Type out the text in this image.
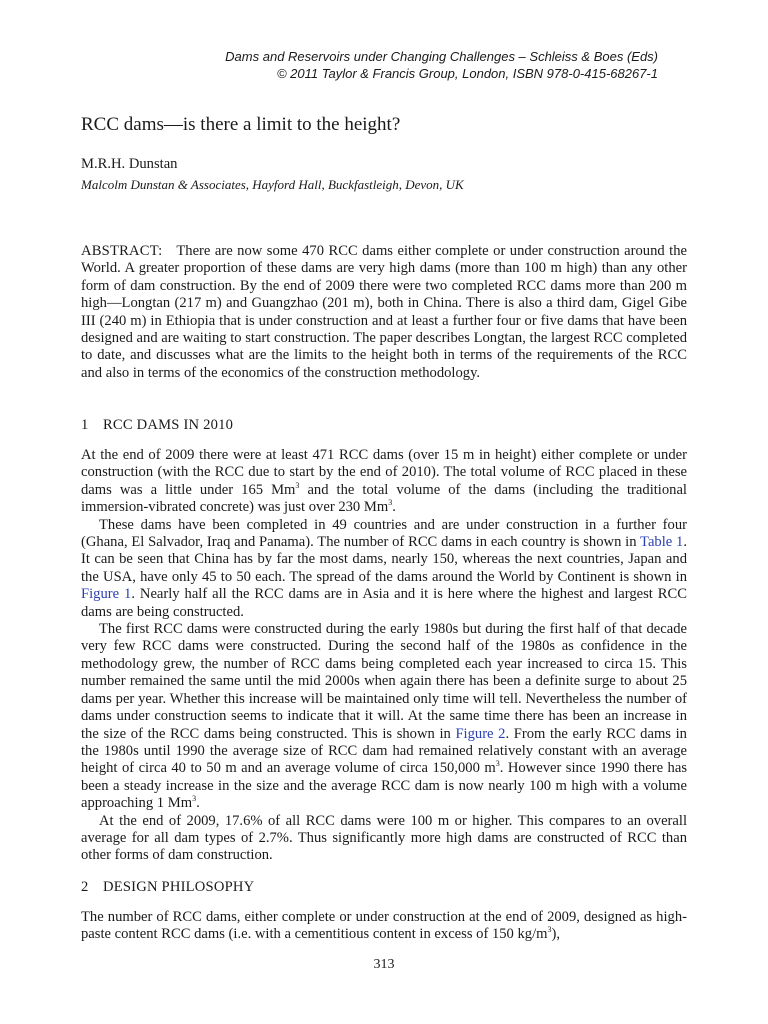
Dams and Reservoirs under Changing Challenges – Schleiss & Boes (Eds)
© 2011 Taylor & Francis Group, London, ISBN 978-0-415-68267-1
RCC dams—is there a limit to the height?
M.R.H. Dunstan
Malcolm Dunstan & Associates, Hayford Hall, Buckfastleigh, Devon, UK

ABSTRACT: There are now some 470 RCC dams either complete or under construction around the World. A greater proportion of these dams are very high dams (more than 100 m high) than any other form of dam construction. By the end of 2009 there were two completed RCC dams more than 200 m high—Longtan (217 m) and Guangzhao (201 m), both in China. There is also a third dam, Gigel Gibe III (240 m) in Ethiopia that is under construction and at least a further four or five dams that have been designed and are waiting to start construction. The paper describes Longtan, the largest RCC completed to date, and discusses what are the limits to the height both in terms of the requirements of the RCC and also in terms of the economics of the construction methodology.

1 RCC DAMS IN 2010

At the end of 2009 there were at least 471 RCC dams (over 15 m in height) either complete or under construction (with the RCC due to start by the end of 2010). The total volume of RCC placed in these dams was a little under 165 Mm$^3$ and the total volume of the dams (including the traditional immersion-vibrated concrete) was just over 230 Mm$^3$.

These dams have been completed in 49 countries and are under construction in a further four (Ghana, El Salvador, Iraq and Panama). The number of RCC dams in each country is shown in Table 1. It can be seen that China has by far the most dams, nearly 150, whereas the next countries, Japan and the USA, have only 45 to 50 each. The spread of the dams around the World by Continent is shown in Figure 1. Nearly half all the RCC dams are in Asia and it is here where the highest and largest RCC dams are being constructed.

The first RCC dams were constructed during the early 1980s but during the first half of that decade very few RCC dams were constructed. During the second half of the 1980s as confidence in the methodology grew, the number of RCC dams being completed each year increased to circa 15. This number remained the same until the mid 2000s when again there has been a definite surge to about 25 dams per year. Whether this increase will be maintained only time will tell. Nevertheless the number of dams under construction seems to indicate that it will. At the same time there has been an increase in the size of the RCC dams being constructed. This is shown in Figure 2. From the early RCC dams in the 1980s until 1990 the average size of RCC dam had remained relatively constant with an average height of circa 40 to 50 m and an average volume of circa 150,000 $m^3$. However since 1990 there has been a steady increase in the size and the average RCC dam is now nearly 100 m high with a volume approaching 1 Mm$^3$.

At the end of 2009, 17.6% of all RCC dams were 100 m or higher. This compares to an overall average for all dam types of 2.7%. Thus significantly more high dams are constructed of RCC than other forms of dam construction.

2 DESIGN PHILOSOPHY

The number of RCC dams, either complete or under construction at the end of 2009, designed as high-paste content RCC dams (i.e. with a cementitious content in excess of 150 $kg/m^3$),

313
